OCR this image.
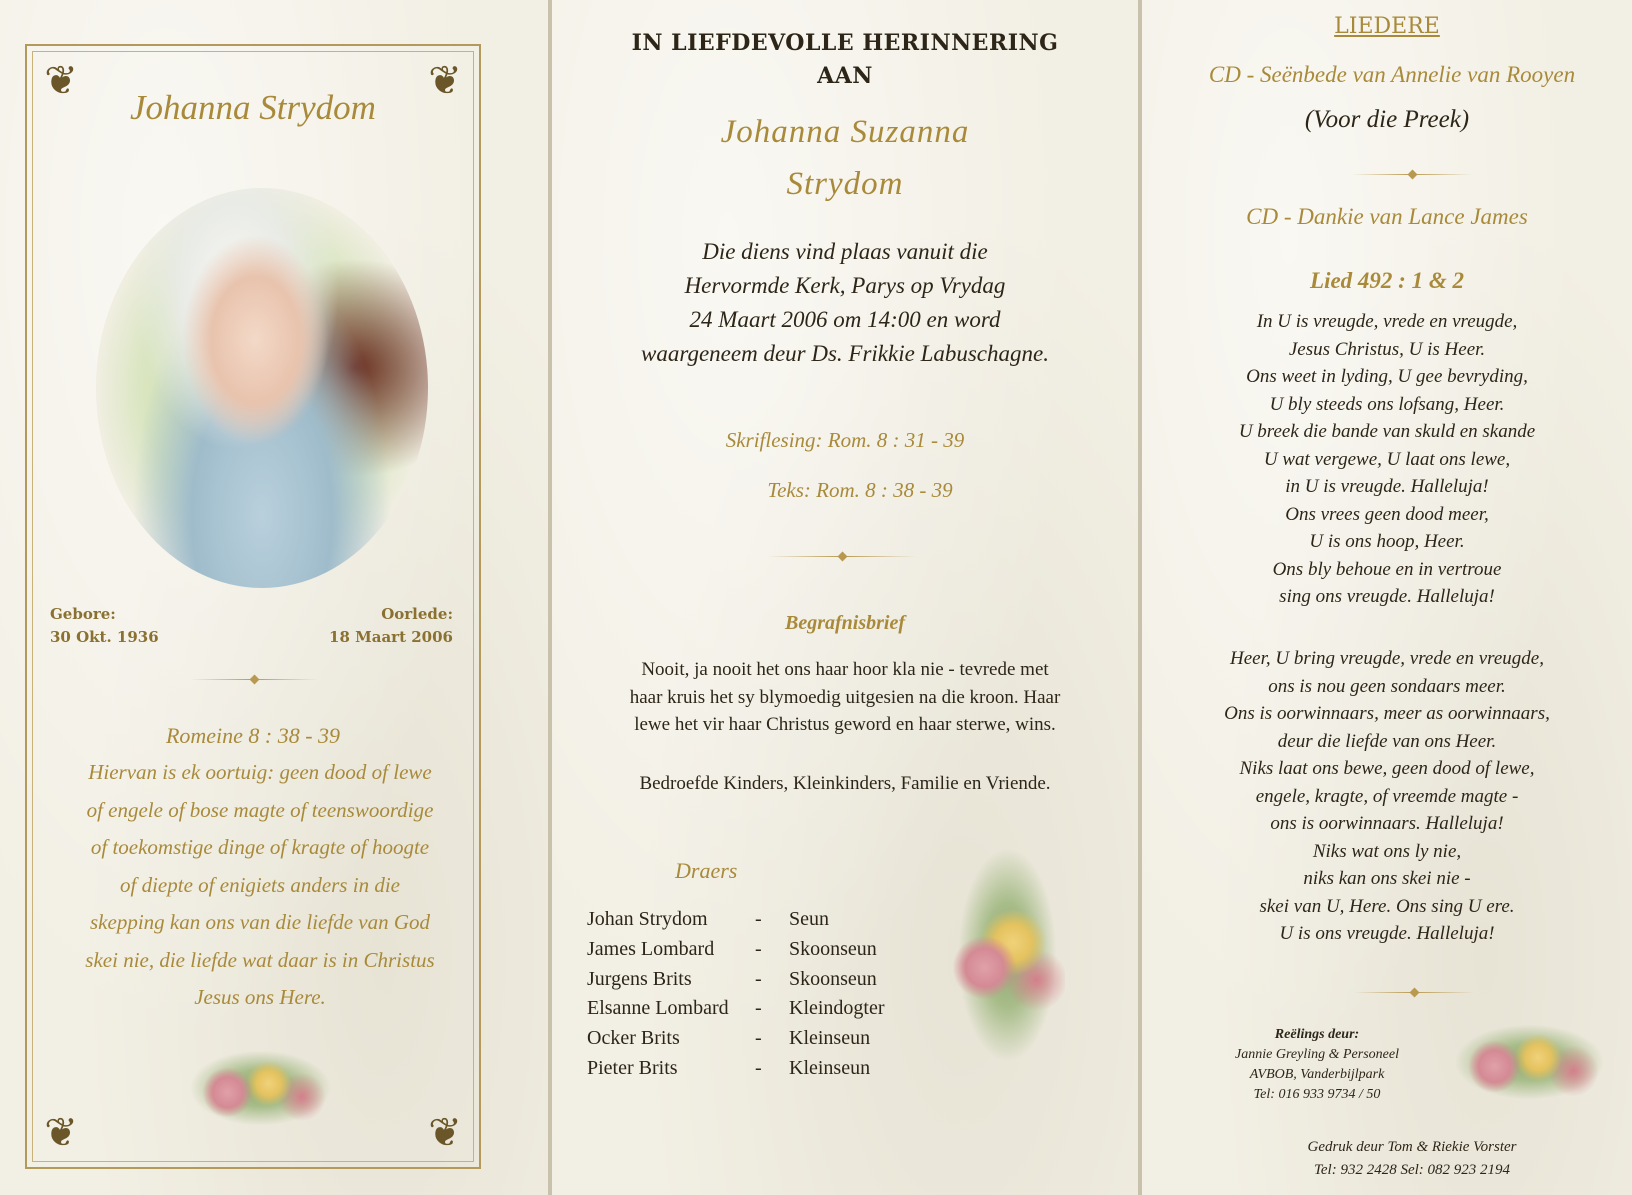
❦	❦
❦	❦
Johanna Strydom
Gebore:
30 Okt. 1936
Oorlede:
18 Maart 2006
Romeine 8 : 38 - 39
Hiervan is ek oortuig: geen dood of lewe
of engele of bose magte of teenswoordige
of toekomstige dinge of kragte of hoogte
of diepte of enigiets anders in die
skepping kan ons van die liefde van God
skei nie, die liefde wat daar is in Christus
Jesus ons Here.
IN LIEFDEVOLLE HERINNERING
AAN
Johanna Suzanna
Strydom
Die diens vind plaas vanuit die
Hervormde Kerk, Parys op Vrydag
24 Maart 2006 om 14:00 en word
waargeneem deur Ds. Frikkie Labuschagne.
Skriflesing: Rom. 8 : 31 - 39
Teks: Rom. 8 : 38 - 39
Begrafnisbrief
Nooit, ja nooit het ons haar hoor kla nie - tevrede met
haar kruis het sy blymoedig uitgesien na die kroon. Haar
lewe het vir haar Christus geword en haar sterwe, wins.
Bedroefde Kinders, Kleinkinders, Familie en Vriende.
Draers
Johan Strydom - Seun
James Lombard - Skoonseun
Jurgens Brits	- Skoonseun
Elsanne Lombard - Kleindogter
Ocker Brits	- Kleinseun
Pieter Brits	- Kleinseun
LIEDERE
CD - Seënbede van Annelie van Rooyen
(Voor die Preek)
CD - Dankie van Lance James
Lied 492 : 1 & 2
In U is vreugde, vrede en vreugde,
Jesus Christus, U is Heer.
Ons weet in lyding, U gee bevryding,
U bly steeds ons lofsang, Heer.
U breek die bande van skuld en skande
U wat vergewe, U laat ons lewe,
in U is vreugde. Halleluja!
Ons vrees geen dood meer,
U is ons hoop, Heer.
Ons bly behoue en in vertroue
sing ons vreugde. Halleluja!
Heer, U bring vreugde, vrede en vreugde,
ons is nou geen sondaars meer.
Ons is oorwinnaars, meer as oorwinnaars,
deur die liefde van ons Heer.
Niks laat ons bewe, geen dood of lewe,
engele, kragte, of vreemde magte -
ons is oorwinnaars. Halleluja!
Niks wat ons ly nie,
niks kan ons skei nie -
skei van U, Here. Ons sing U ere.
U is ons vreugde. Halleluja!
Reëlings deur:
Jannie Greyling & Personeel
AVBOB, Vanderbijlpark
Tel: 016 933 9734 / 50
Gedruk deur Tom & Riekie Vorster
Tel: 932 2428 Sel: 082 923 2194
